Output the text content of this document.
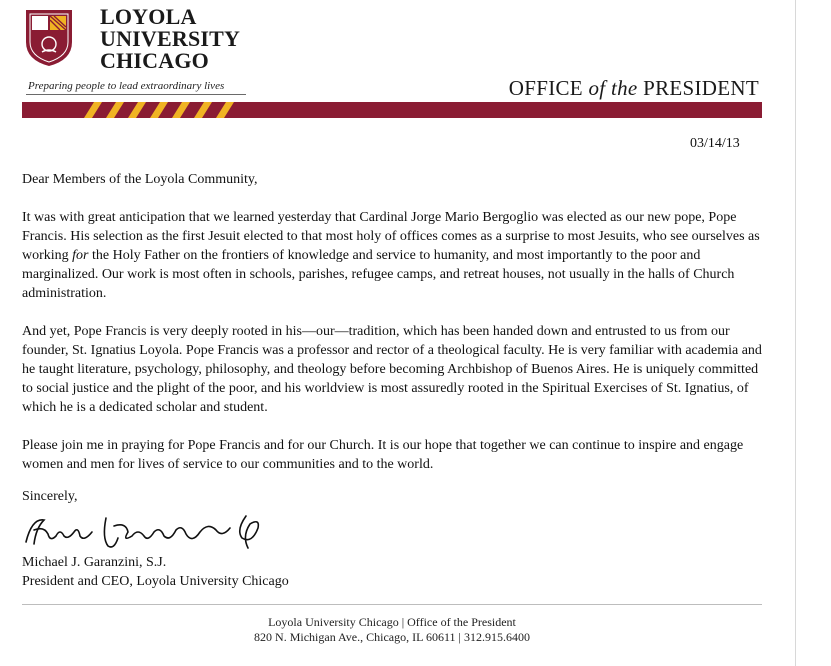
LOYOLA
UNIVERSITY
CHICAGO
Preparing people to lead extraordinary lives	OFFICE of the PRESIDENT
03/14/13

Dear Members of the Loyola Community,

It was with great anticipation that we learned yesterday that Cardinal Jorge Mario Bergoglio was elected as our new pope, Pope Francis. His selection as the first Jesuit elected to that most holy of offices comes as a surprise to most Jesuits, who see ourselves as working for the Holy Father on the frontiers of knowledge and service to humanity, and most importantly to the poor and marginalized. Our work is most often in schools, parishes, refugee camps, and retreat houses, not usually in the halls of Church administration.

And yet, Pope Francis is very deeply rooted in his—our—tradition, which has been handed down and entrusted to us from our founder, St. Ignatius Loyola. Pope Francis was a professor and rector of a theological faculty. He is very familiar with academia and he taught literature, psychology, philosophy, and theology before becoming Archbishop of Buenos Aires. He is uniquely committed to social justice and the plight of the poor, and his worldview is most assuredly rooted in the Spiritual Exercises of St. Ignatius, of which he is a dedicated scholar and student.

Please join me in praying for Pope Francis and for our Church. It is our hope that together we can continue to inspire and engage women and men for lives of service to our communities and to the world.

Sincerely,
Michael J. Garanzini, S.J.
President and CEO, Loyola University Chicago
Loyola University Chicago | Office of the President
820 N. Michigan Ave., Chicago, IL 60611 | 312.915.6400
